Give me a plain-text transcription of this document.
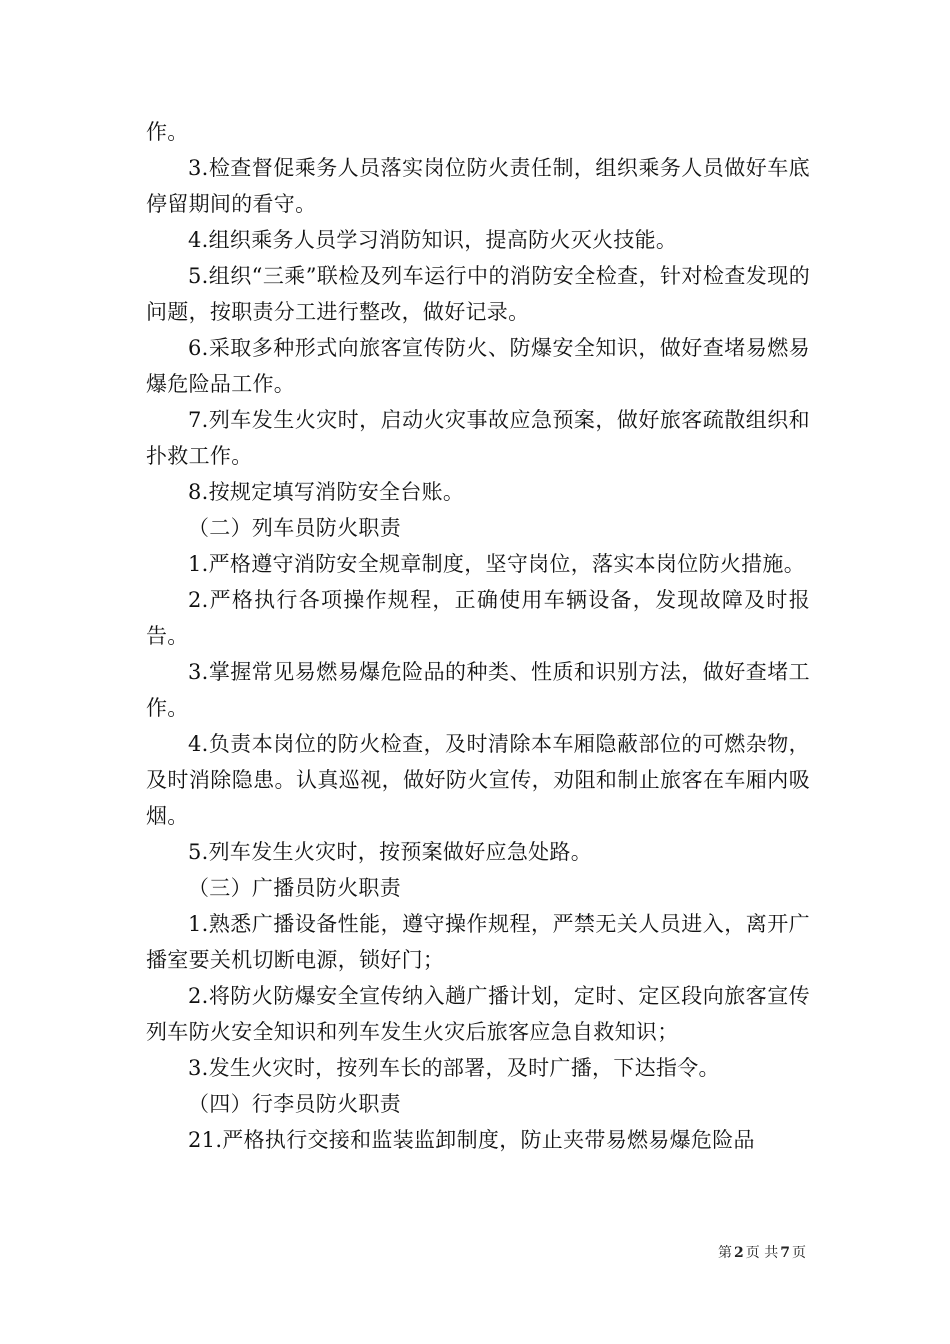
作。

3.检查督促乘务人员落实岗位防火责任制，组织乘务人员做好车底停留期间的看守。

4.组织乘务人员学习消防知识，提高防火灭火技能。

5.组织“三乘”联检及列车运行中的消防安全检查，针对检查发现的问题，按职责分工进行整改，做好记录。

6.采取多种形式向旅客宣传防火、防爆安全知识，做好查堵易燃易爆危险品工作。

7.列车发生火灾时，启动火灾事故应急预案，做好旅客疏散组织和扑救工作。

8.按规定填写消防安全台账。

（二）列车员防火职责

1.严格遵守消防安全规章制度，坚守岗位，落实本岗位防火措施。

2.严格执行各项操作规程，正确使用车辆设备，发现故障及时报告。

3.掌握常见易燃易爆危险品的种类、性质和识别方法，做好查堵工作。

4.负责本岗位的防火检查，及时清除本车厢隐蔽部位的可燃杂物，及时消除隐患。认真巡视，做好防火宣传，劝阻和制止旅客在车厢内吸烟。

5.列车发生火灾时，按预案做好应急处路。

（三）广播员防火职责

1.熟悉广播设备性能，遵守操作规程，严禁无关人员进入，离开广播室要关机切断电源，锁好门；

2.将防火防爆安全宣传纳入趟广播计划，定时、定区段向旅客宣传列车防火安全知识和列车发生火灾后旅客应急自救知识；

3.发生火灾时，按列车长的部署，及时广播，下达指令。

（四）行李员防火职责

21.严格执行交接和监装监卸制度，防止夹带易燃易爆危险品

第 2 页 共 7 页
